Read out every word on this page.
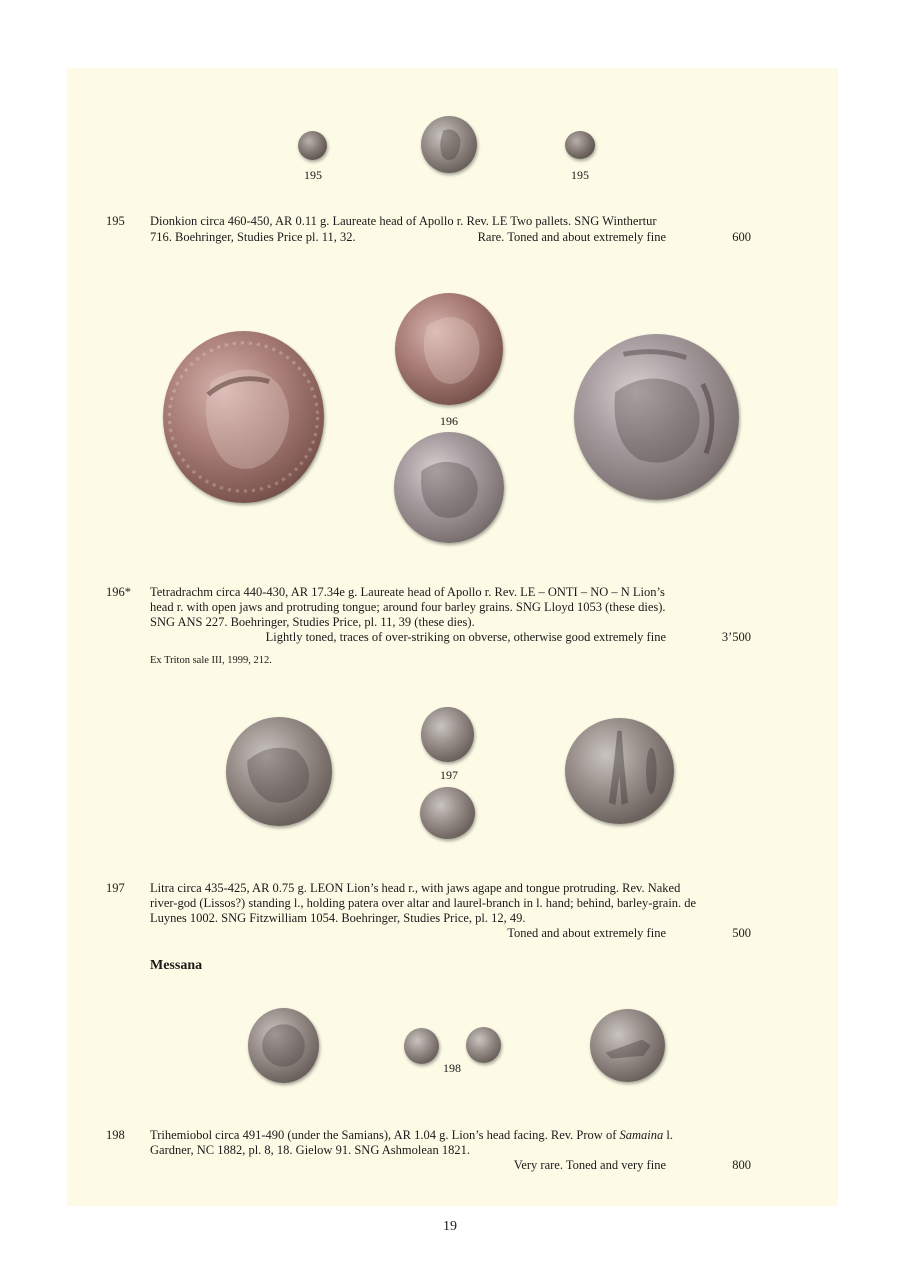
195	195
195	Dionkion circa 460-450, AR 0.11 g. Laureate head of Apollo r. Rev. LE Two pallets. SNG Winthertur
716. Boehringer, Studies Price pl. 11, 32.	Rare. Toned and about extremely fine	600
196
196*	Tetradrachm circa 440-430, AR 17.34e g. Laureate head of Apollo r. Rev. LE – ONTI – NO – N Lion’s
head r. with open jaws and protruding tongue; around four barley grains. SNG Lloyd 1053 (these dies).
SNG ANS 227. Boehringer, Studies Price, pl. 11, 39 (these dies).
Lightly toned, traces of over-striking on obverse, otherwise good extremely fine	3’500
Ex Triton sale III, 1999, 212.
197
197	Litra circa 435-425, AR 0.75 g. LEON Lion’s head r., with jaws agape and tongue protruding. Rev. Naked
river-god (Lissos?) standing l., holding patera over altar and laurel-branch in l. hand; behind, barley-grain. de
Luynes 1002. SNG Fitzwilliam 1054. Boehringer, Studies Price, pl. 12, 49.
Toned and about extremely fine	500
Messana
198
198	Trihemiobol circa 491-490 (under the Samians), AR 1.04 g. Lion’s head facing. Rev. Prow of Samaina l.
Gardner, NC 1882, pl. 8, 18. Gielow 91. SNG Ashmolean 1821.
Very rare. Toned and very fine	800
19
